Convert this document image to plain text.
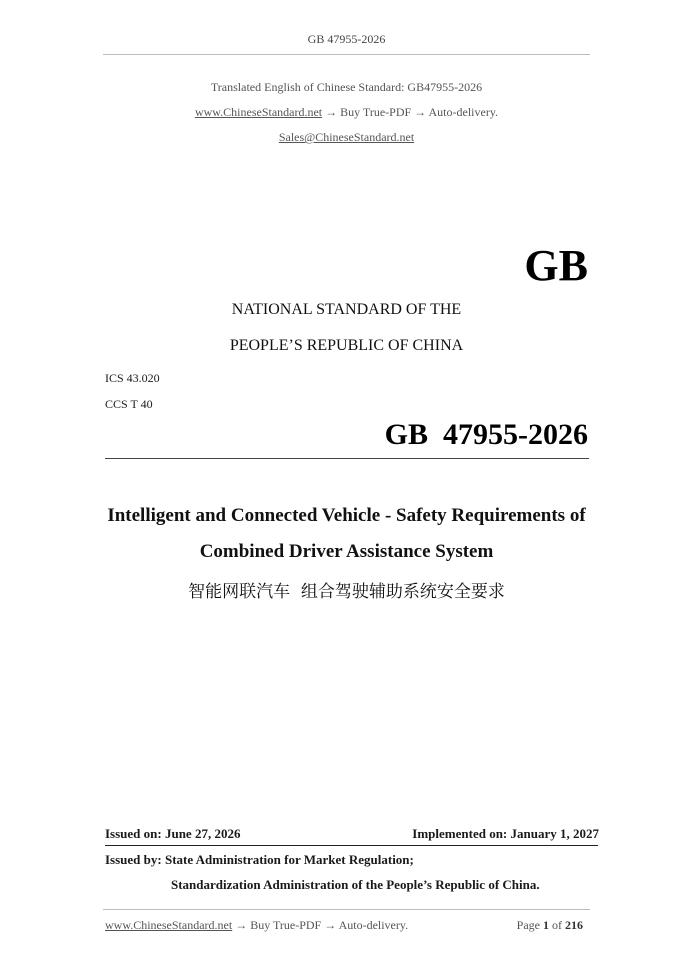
GB 47955-2026
Translated English of Chinese Standard: GB47955-2026
www.ChineseStandard.net → Buy True-PDF → Auto-delivery.
Sales@ChineseStandard.net
GB
NATIONAL STANDARD OF THE
PEOPLE’S REPUBLIC OF CHINA
ICS 43.020
CCS T 40
GB  47955-2026
Intelligent and Connected Vehicle - Safety Requirements of
Combined Driver Assistance System
智能网联汽车  组合驾驶辅助系统安全要求
Issued on: June 27, 2026	Implemented on: January 1, 2027
Issued by: State Administration for Market Regulation;
Standardization Administration of the People’s Republic of China.
www.ChineseStandard.net → Buy True-PDF → Auto-delivery.	Page 1 of 216
